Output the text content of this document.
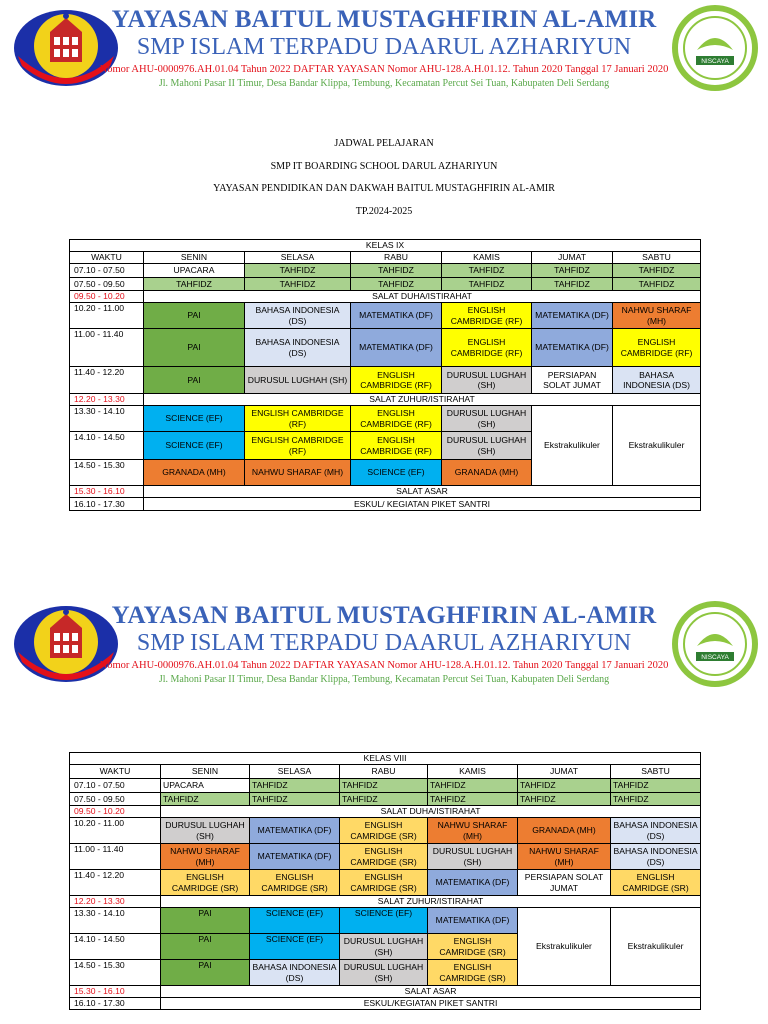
YAYASAN BAITUL MUSTAGHFIRIN AL-AMIR
SMP ISLAM TERPADU DAARUL AZHARIYUN
Nomor AHU-0000976.AH.01.04 Tahun 2022 DAFTAR YAYASAN Nomor AHU-128.A.H.01.12. Tahun 2020 Tanggal 17 Januari 2020
Jl. Mahoni Pasar II Timur, Desa Bandar Klippa, Tembung, Kecamatan Percut Sei Tuan, Kabupaten Deli Serdang
NISCAYA
JADWAL PELAJARAN
SMP IT BOARDING SCHOOL DARUL AZHARIYUN
YAYASAN PENDIDIKAN DAN DAKWAH BAITUL MUSTAGHFIRIN AL-AMIR
TP.2024-2025
KELAS IX						
WAKTU	SENIN	SELASA	RABU	KAMIS	JUMAT	SABTU
07.10 - 07.50	UPACARA	TAHFIDZ	TAHFIDZ	TAHFIDZ	TAHFIDZ	TAHFIDZ
07.50 - 09.50	TAHFIDZ	TAHFIDZ	TAHFIDZ	TAHFIDZ	TAHFIDZ	TAHFIDZ
09.50 - 10.20	SALAT DUHA/ISTIRAHAT					
10.20 - 11.00	PAI	BAHASA INDONESIA (DS)	MATEMATIKA (DF)	ENGLISH CAMBRIDGE (RF)	MATEMATIKA (DF)	NAHWU SHARAF (MH)
11.00 - 11.40	PAI	BAHASA INDONESIA (DS)	MATEMATIKA (DF)	ENGLISH CAMBRIDGE (RF)	MATEMATIKA (DF)	ENGLISH CAMBRIDGE (RF)
11.40 - 12.20	PAI	DURUSUL LUGHAH (SH)	ENGLISH CAMBRIDGE (RF)	DURUSUL LUGHAH (SH)	PERSIAPAN SOLAT JUMAT	BAHASA INDONESIA (DS)
12.20 - 13.30	SALAT ZUHUR/ISTIRAHAT					
13.30 - 14.10	SCIENCE (EF)	ENGLISH CAMBRIDGE (RF)	ENGLISH CAMBRIDGE (RF)	DURUSUL LUGHAH (SH)	Ekstrakulikuler	Ekstrakulikuler
14.10 - 14.50	SCIENCE (EF)	ENGLISH CAMBRIDGE (RF)	ENGLISH CAMBRIDGE (RF)	DURUSUL LUGHAH (SH)		
14.50 - 15.30	GRANADA (MH)	NAHWU SHARAF (MH)	SCIENCE (EF)	GRANADA (MH)		
15.30 - 16.10	SALAT ASAR					
16.10 - 17.30	ESKUL/ KEGIATAN PIKET SANTRI					
YAYASAN BAITUL MUSTAGHFIRIN AL-AMIR
SMP ISLAM TERPADU DAARUL AZHARIYUN
Nomor AHU-0000976.AH.01.04 Tahun 2022 DAFTAR YAYASAN Nomor AHU-128.A.H.01.12. Tahun 2020 Tanggal 17 Januari 2020
Jl. Mahoni Pasar II Timur, Desa Bandar Klippa, Tembung, Kecamatan Percut Sei Tuan, Kabupaten Deli Serdang
NISCAYA
KELAS VIII						
WAKTU	SENIN	SELASA	RABU	KAMIS	JUMAT	SABTU
07.10 - 07.50	UPACARA	TAHFIDZ	TAHFIDZ	TAHFIDZ	TAHFIDZ	TAHFIDZ
07.50 - 09.50	TAHFIDZ	TAHFIDZ	TAHFIDZ	TAHFIDZ	TAHFIDZ	TAHFIDZ
09.50 - 10.20	SALAT DUHA/ISTIRAHAT					
10.20 - 11.00	DURUSUL LUGHAH (SH)	MATEMATIKA (DF)	ENGLISH CAMRIDGE (SR)	NAHWU SHARAF (MH)	GRANADA (MH)	BAHASA INDONESIA (DS)
11.00 - 11.40	NAHWU SHARAF (MH)	MATEMATIKA (DF)	ENGLISH CAMRIDGE (SR)	DURUSUL LUGHAH (SH)	NAHWU SHARAF (MH)	BAHASA INDONESIA (DS)
11.40 - 12.20	ENGLISH CAMRIDGE (SR)	ENGLISH CAMRIDGE (SR)	ENGLISH CAMRIDGE (SR)	MATEMATIKA (DF)	PERSIAPAN SOLAT JUMAT	ENGLISH CAMRIDGE (SR)
12.20 - 13.30	SALAT ZUHUR/ISTIRAHAT					
13.30 - 14.10	PAI	SCIENCE (EF)	SCIENCE (EF)	MATEMATIKA (DF)	Ekstrakulikuler	Ekstrakulikuler
14.10 - 14.50	PAI	SCIENCE (EF)	DURUSUL LUGHAH (SH)	ENGLISH CAMRIDGE (SR)		
14.50 - 15.30	PAI	BAHASA INDONESIA (DS)	DURUSUL LUGHAH (SH)	ENGLISH CAMRIDGE (SR)		
15.30 - 16.10	SALAT ASAR					
16.10 - 17.30	ESKUL/KEGIATAN PIKET SANTRI					
